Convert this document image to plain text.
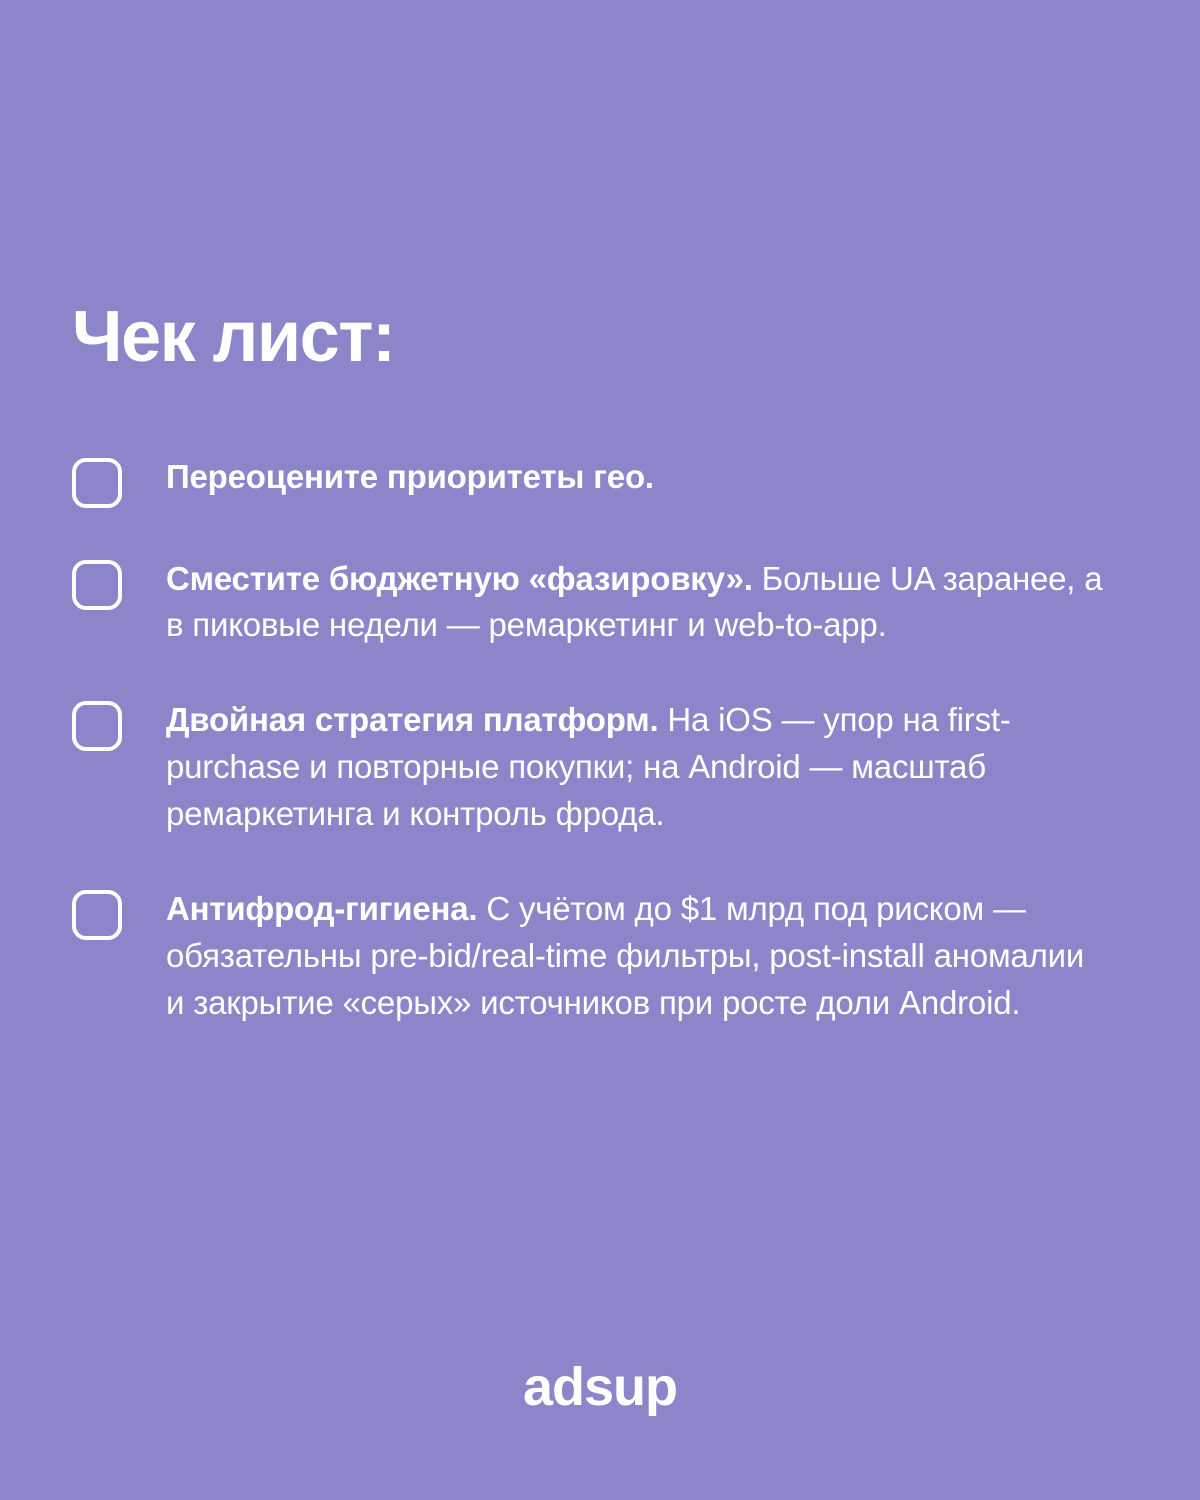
Чек лист:
Переоцените приоритеты гео.
Сместите бюджетную «фазировку». Больше UA заранее, а в пиковые недели — ремаркетинг и web-to-app.
Двойная стратегия платформ. На iOS — упор на first-purchase и повторные покупки; на Android — масштаб ремаркетинга и контроль фрода.
Антифрод-гигиена. С учётом до $1 млрд под риском — обязательны pre-bid/real-time фильтры, post-install аномалии и закрытие «серых» источников при росте доли Android.
adsup
